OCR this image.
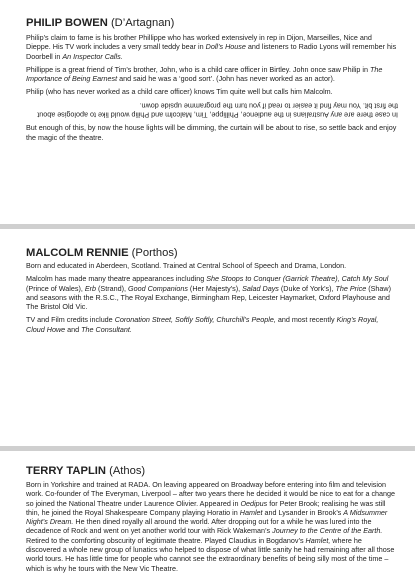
PHILIP BOWEN (D’Artagnan)

Philip’s claim to fame is his brother Phillippe who has worked extensively in rep in Dijon, Marseilles, Nice and Dieppe. His TV work includes a very small teddy bear in Doll’s House and listeners to Radio Lyons will remember his Doorbell in An Inspector Calls.

Phillippe is a great friend of Tim’s brother, John, who is a child care officer in Birtley. John once saw Philip in The Importance of Being Earnest and said he was a ‘good sort’. (John has never worked as an actor).

Philip (who has never worked as a child care officer) knows Tim quite well but calls him Malcolm.

In case there are any Australians in the audience, Phillippe, Tim, Malcolm and Philip would like to apologise about the first bit. You may find it easier to read if you turn the programme upside down.

But enough of this, by now the house lights will be dimming, the curtain will be about to rise, so settle back and enjoy the magic of the theatre.

MALCOLM RENNIE (Porthos)

Born and educated in Aberdeen, Scotland. Trained at Central School of Speech and Drama, London.

Malcolm has made many theatre appearances including She Stoops to Conquer (Garrick Theatre), Catch My Soul (Prince of Wales), Erb (Strand), Good Companions (Her Majesty’s), Salad Days (Duke of York’s), The Price (Shaw) and seasons with the R.S.C., The Royal Exchange, Birmingham Rep, Leicester Haymarket, Oxford Playhouse and The Bristol Old Vic.

TV and Film credits include Coronation Street, Softly Softly, Churchill’s People, and most recently King’s Royal, Cloud Howe and The Consultant.

TERRY TAPLIN (Athos)

Born in Yorkshire and trained at RADA. On leaving appeared on Broadway before entering into film and television work. Co-founder of The Everyman, Liverpool – after two years there he decided it would be nice to eat for a change so joined the National Theatre under Laurence Olivier. Appeared in Oedipus for Peter Brook; realising he was still thin, he joined the Royal Shakespeare Company playing Horatio in Hamlet and Lysander in Brook’s A Midsummer Night’s Dream. He then dined royally all around the world. After dropping out for a while he was lured into the decadence of Rock and went on yet another world tour with Rick Wakeman’s Journey to the Centre of the Earth. Retired to the comforting obscurity of legitimate theatre. Played Claudius in Bogdanov’s Hamlet, where he discovered a whole new group of lunatics who helped to dispose of what little sanity he had remaining after all those world tours. He has little time for people who cannot see the extraordinary benefits of being silly most of the time – which is why he tours with the New Vic Theatre.
